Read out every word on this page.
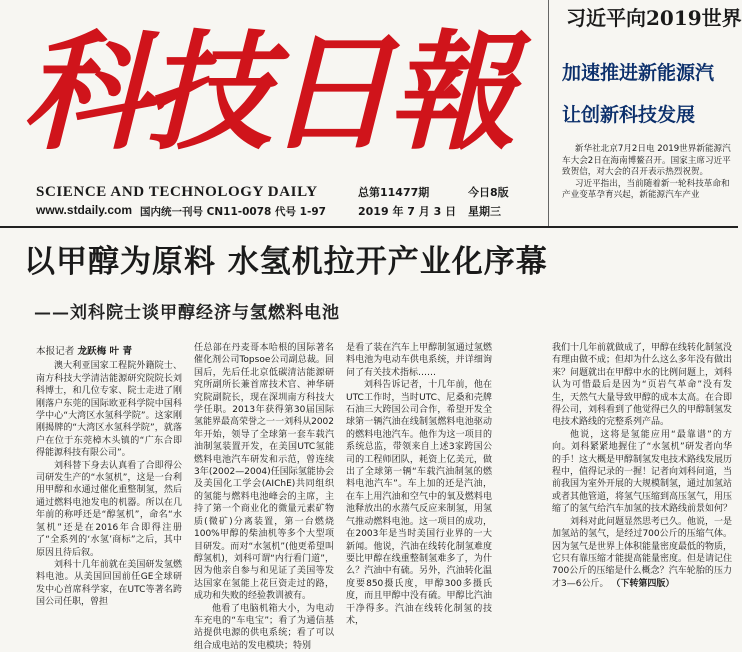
科技日報
SCIENCE AND TECHNOLOGY DAILY
www.stdaily.com 国内统一刊号 CN11-0078 代号 1-97
总第11477期	今日8版
2019 年 7 月 3 日 星期三
习近平向2019世界
加速推进新能源汽
让创新科技发展

新华社北京7月2日电 2019世界新能源汽车大会2日在海南博鳌召开。国家主席习近平致贺信，对大会的召开表示热烈祝贺。

习近平指出，当前随着新一轮科技革命和产业变革孕育兴起，新能源汽车产业

以甲醇为原料 水氢机拉开产业化序幕
——刘科院士谈甲醇经济与氢燃料电池
本报记者 龙跃梅 叶 青

澳大利亚国家工程院外籍院士、南方科技大学清洁能源研究院院长刘科博士，和几位专家、院士走进了刚刚落户东莞的国际欧亚科学院中国科学中心“大湾区水氢科学院”。这家刚刚揭牌的“大湾区水氢科学院”，就落户在位于东莞樟木头镇的“广东合即得能源科技有限公司”。

刘科替下身去认真看了合即得公司研发生产的“水氢机”，这是一台利用甲醇和水通过催化重整制氢，然后通过燃料电池发电的机器。所以在几年前的称呼还是“醇氢机”，命名“水氢机”还是在2016年合即得注册了“全系列的‘水氢’商标”之后，其中原因且待后叙。

刘科十几年前就在美国研发氢燃料电池。从美国回国前任GE全球研发中心首席科学家，在UTC等著名跨国公司任职，曾担

任总部在丹麦哥本哈根的国际著名催化剂公司Topsoe公司副总裁。回国后，先后任北京低碳清洁能源研究所副所长兼首席技术官、神华研究院副院长，现在深圳南方科技大学任职。2013年获得第30届国际氢能界最高荣誉之一一刘科从2002年开始，领导了全球第一套车载汽油制氢装置开发，在美国UTC氢能燃料电池汽车研发和示范，曾连续3年(2002—2004)任国际氢能协会及美国化工学会(AIChE)共同组织的氢能与燃料电池峰会的主席，主持了第一个商业化的微量元素矿物质(微矿)分离装置，第一台燃烧100%甲醇的柴油机等多个大型项目研发。而对“水氢机”(他更希望叫醇氢机)，刘科可谓“内行看门道”，因为他亲自参与和见证了美国等发达国家在氢能上花巨资走过的路，成功和失败的经验教训被有。

他看了电脑机箱大小，为电动车充电的“车电宝”；看了为通信基站提供电源的供电系统；看了可以组合成电站的发电模块；特别

是看了装在汽车上甲醇制氢通过氢燃料电池为电动车供电系统，并详细询问了有关技术指标……

刘科告诉记者，十几年前，他在UTC工作时，当时UTC、尼桑和壳牌石油三大跨国公司合作，希望开发全球第一辆汽油在线制氢燃料电池驱动的燃料电池汽车。他作为这一项目的系统总监，带领来自上述3家跨国公司的工程师团队，耗资上亿美元，做出了全球第一辆“车载汽油制氢的燃料电池汽车”。车上加的还是汽油，在车上用汽油和空气中的氧及燃料电池释放出的水蒸气反应来制氢，用氢气推动燃料电池。这一项目的成功，在2003年是当时美国行业界的一大新闻。他说，汽油在线转化制氢难度要比甲醇在线重整制氢难多了，为什么？汽油中有硫。另外，汽油转化温度要850摄氏度，甲醇300多摄氏度，而且甲醇中没有硫。甲醇比汽油干净得多。汽油在线转化制氢的技术，

我们十几年前就做成了，甲醇在线转化制氢没有理由做不成；但却为什么这么多年没有做出来？问题就出在甲醇中水的比例问题上，刘科认为可惜最后是因为“页岩气革命”没有发生，天然气大量导致甲醇的成本太高。在合即得公司，刘科看到了他觉得已久的甲醇制氢发电技术路线的完整系列产品。

他说，这将是氢能应用“最靠谱”的方向。刘科紧紧地握住了“水氢机”研发者向华的手！这大概是甲醇制氢发电技术路线发展历程中，值得记录的一握！记者向刘科问道，当前我国为室外开展的大规模制氢，通过加氢站或者其他管道，将氢气压缩到高压氢气，用压缩了的氢气给汽车加氢的技术路线前景如何？

刘科对此问题显然思考已久。他说，一是加氢站的氢气，是经过700公斤的压缩气体。因为氢气是世界上体积能量密度最低的物质，它只有靠压缩才能提高能量密度。但是请记住700公斤的压缩是什么概念？汽车轮胎的压力才3—6公斤。 （下转第四版）
